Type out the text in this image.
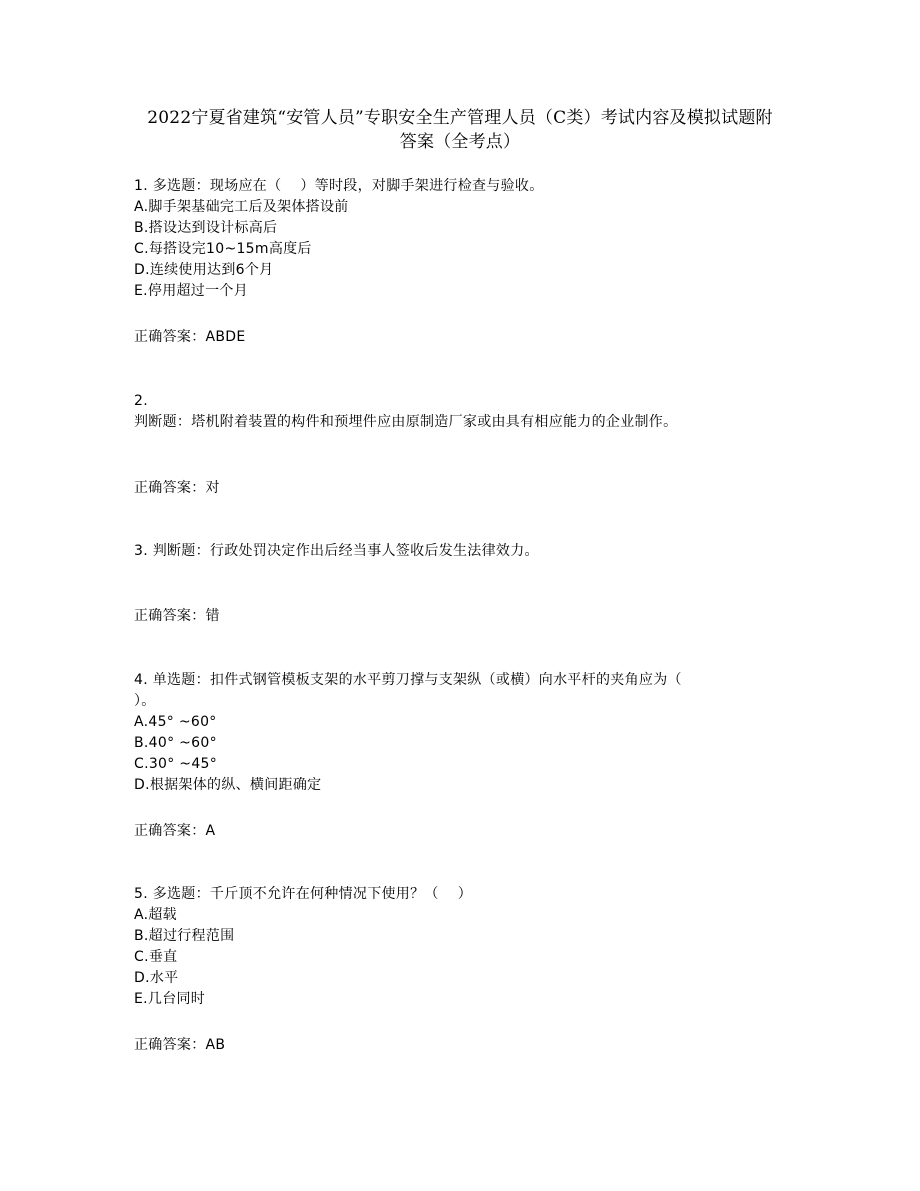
2022宁夏省建筑“安管人员”专职安全生产管理人员（C类）考试内容及模拟试题附
答案（全考点）
1. 多选题：现场应在（    ）等时段，对脚手架进行检查与验收。
A.脚手架基础完工后及架体搭设前
B.搭设达到设计标高后
C.每搭设完10~15m高度后
D.连续使用达到6个月
E.停用超过一个月
正确答案：ABDE
2.
判断题：塔机附着装置的构件和预埋件应由原制造厂家或由具有相应能力的企业制作。
正确答案：对
3. 判断题：行政处罚决定作出后经当事人签收后发生法律效力。
正确答案：错
4. 单选题：扣件式钢管模板支架的水平剪刀撑与支架纵（或横）向水平杆的夹角应为（
）。
A.45° ~60°
B.40° ~60°
C.30° ~45°
D.根据架体的纵、横间距确定
正确答案：A
5. 多选题：千斤顶不允许在何种情况下使用？（    ）
A.超载
B.超过行程范围
C.垂直
D.水平
E.几台同时
正确答案：AB
